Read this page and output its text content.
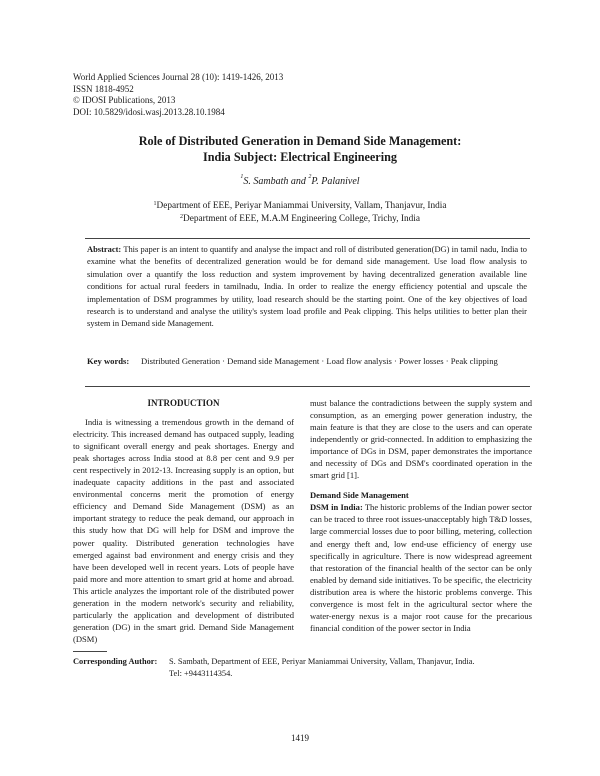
World Applied Sciences Journal 28 (10): 1419-1426, 2013
ISSN 1818-4952
© IDOSI Publications, 2013
DOI: 10.5829/idosi.wasj.2013.28.10.1984
Role of Distributed Generation in Demand Side Management:
India Subject: Electrical Engineering
$^1$S. Sambath and $^2$P. Palanivel
$^1$Department of EEE, Periyar Maniammai University, Vallam, Thanjavur, India
$^2$Department of EEE, M.A.M Engineering College, Trichy, India
Abstract: This paper is an intent to quantify and analyse the impact and roll of distributed generation(DG) in tamil nadu, India to examine what the benefits of decentralized generation would be for demand side management. Use load flow analysis to simulation over a quantify the loss reduction and system improvement by having decentralized generation available line conditions for actual rural feeders in tamilnadu, India. In order to realize the energy efficiency potential and upscale the implementation of DSM programmes by utility, load research should be the starting point. One of the key objectives of load research is to understand and analyse the utility's system load profile and Peak clipping. This helps utilities to better plan their system in Demand side Management.
Key words: Distributed Generation · Demand side Management · Load flow analysis · Power losses · Peak clipping
INTRODUCTION

India is witnessing a tremendous growth in the demand of electricity. This increased demand has outpaced supply, leading to significant overall energy and peak shortages. Energy and peak shortages across India stood at 8.8 per cent and 9.9 per cent respectively in 2012-13. Increasing supply is an option, but inadequate capacity additions in the past and associated environmental concerns merit the promotion of energy efficiency and Demand Side Management (DSM) as an important strategy to reduce the peak demand, our approach in this study how that DG will help for DSM and improve the power quality. Distributed generation technologies have emerged against bad environment and energy crisis and they have been developed well in recent years. Lots of people have paid more and more attention to smart grid at home and abroad. This article analyzes the important role of the distributed power generation in the modern network's security and reliability, particularly the application and development of distributed generation (DG) in the smart grid. Demand Side Management (DSM)

must balance the contradictions between the supply system and consumption, as an emerging power generation industry, the main feature is that they are close to the users and can operate independently or grid-connected. In addition to emphasizing the importance of DGs in DSM, paper demonstrates the importance and necessity of DGs and DSM's coordinated operation in the smart grid [1].

Demand Side Management

DSM in India: The historic problems of the Indian power sector can be traced to three root issues-unacceptably high T&D losses, large commercial losses due to poor billing, metering, collection and energy theft and, low end-use efficiency of energy use specifically in agriculture. There is now widespread agreement that restoration of the financial health of the sector can be only enabled by demand side initiatives. To be specific, the electricity distribution area is where the historic problems converge. This convergence is most felt in the agricultural sector where the water-energy nexus is a major root cause for the precarious financial condition of the power sector in India

Corresponding Author: S. Sambath, Department of EEE, Periyar Maniammai University, Vallam, Thanjavur, India.
Tel: +9443114354.
1419
